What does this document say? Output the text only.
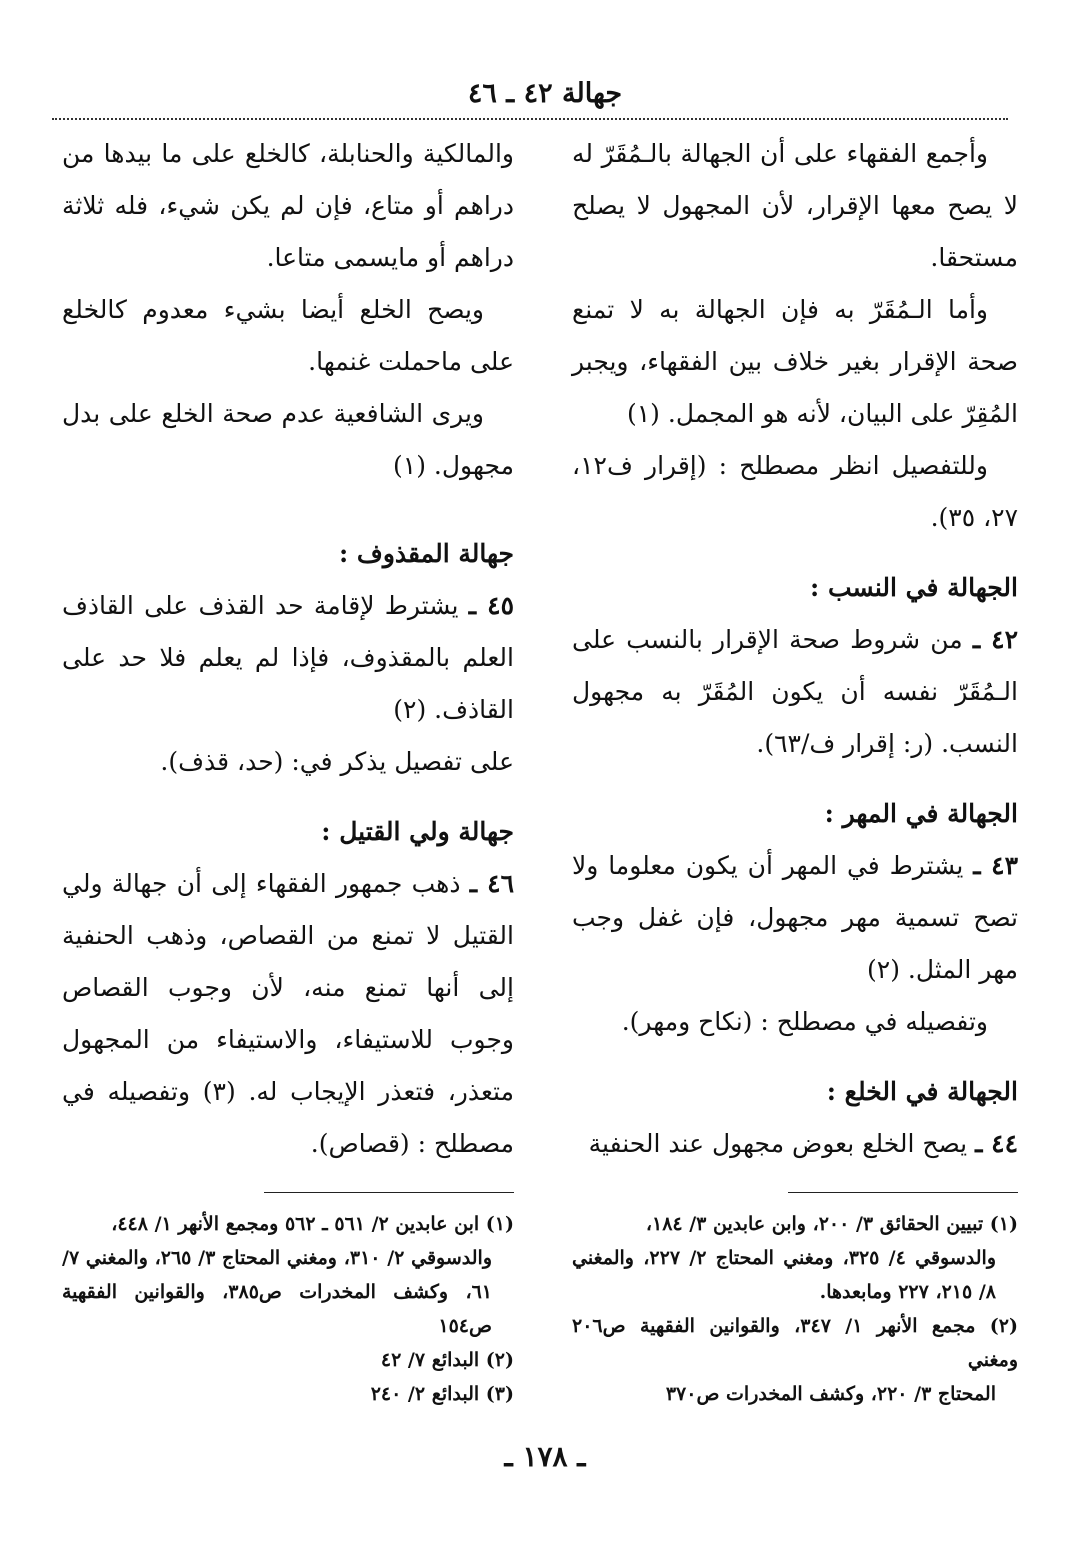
جهالة ٤٢ ـ ٤٦

وأجمع الفقهاء على أن الجهالة بالـمُقَرّ له لا يصح معها الإقرار، لأن المجهول لا يصلح مستحقا.

وأما الـمُقَرّ به فإن الجهالة به لا تمنع صحة الإقرار بغير خلاف بين الفقهاء، ويجبر المُقِرّ على البيان، لأنه هو المجمل. (١)

وللتفصيل انظر مصطلح : (إقرار ف١٢، ٢٧، ٣٥).

الجهالة في النسب :

٤٢ ـ من شروط صحة الإقرار بالنسب على الـمُقَرّ نفسه أن يكون المُقَرّ به مجهول النسب. (ر: إقرار ف/٦٣).

الجهالة في المهر :

٤٣ ـ يشترط في المهر أن يكون معلوما ولا تصح تسمية مهر مجهول، فإن غفل وجب مهر المثل. (٢)

وتفصيله في مصطلح : (نكاح ومهر).

الجهالة في الخلع :

٤٤ ـ يصح الخلع بعوض مجهول عند الحنفية

(١) تبيين الحقائق ٣/ ٢٠٠، وابن عابدين ٣/ ١٨٤،
والدسوقي ٤/ ٣٢٥، ومغني المحتاج ٢/ ٢٢٧، والمغني ٨/ ٢١٥، ٢٢٧ ومابعدها.
(٢) مجمع الأنهر ١/ ٣٤٧، والقوانين الفقهية ص٢٠٦ ومغني
المحتاج ٣/ ٢٢٠، وكشف المخدرات ص٣٧٠

والمالكية والحنابلة، كالخلع على ما بيدها من دراهم أو متاع، فإن لم يكن شيء، فله ثلاثة دراهم أو مايسمى متاعا.

ويصح الخلع أيضا بشيء معدوم كالخلع على ماحملت غنمها.

ويرى الشافعية عدم صحة الخلع على بدل مجهول. (١)

جهالة المقذوف :

٤٥ ـ يشترط لإقامة حد القذف على القاذف العلم بالمقذوف، فإذا لم يعلم فلا حد على القاذف. (٢)

على تفصيل يذكر في: (حد، قذف).

جهالة ولي القتيل :

٤٦ ـ ذهب جمهور الفقهاء إلى أن جهالة ولي القتيل لا تمنع من القصاص، وذهب الحنفية إلى أنها تمنع منه، لأن وجوب القصاص وجوب للاستيفاء، والاستيفاء من المجهول متعذر، فتعذر الإيجاب له. (٣) وتفصيله في مصطلح : (قصاص).

(١) ابن عابدين ٢/ ٥٦١ ـ ٥٦٢ ومجمع الأنهر ١/ ٤٤٨،
والدسوقي ٢/ ٣١٠، ومغني المحتاج ٣/ ٢٦٥، والمغني ٧/ ٦١، وكشف المخدرات ص٣٨٥، والقوانين الفقهية ص١٥٤
(٢) البدائع ٧/ ٤٢
(٣) البدائع ٢/ ٢٤٠
ـ ١٧٨ ـ
